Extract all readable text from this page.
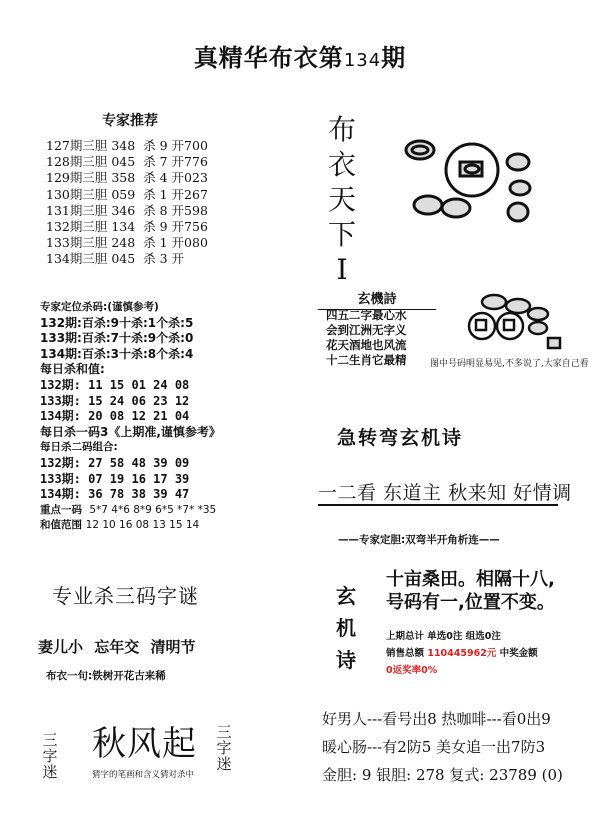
真精华布衣第134期
专家推荐
127期三胆 348  杀 9 开700
128期三胆 045  杀 7 开776
129期三胆 358  杀 4 开023
130期三胆 059  杀 1 开267
131期三胆 346  杀 8 开598
132期三胆 134  杀 9 开756
133期三胆 248  杀 1 开080
134期三胆 045  杀 3 开
专家定位杀码:(谨慎参考)
132期:百杀:9十杀:1个杀:5
133期:百杀:7十杀:9个杀:0
134期:百杀:3十杀:8个杀:4
每日杀和值:
132期: 11 15 01 24 08
133期: 15 24 06 23 12
134期: 20 08 12 21 04
每日杀一码3《上期准,谨慎参考》
每日杀二码组合:
132期: 27 58 48 39 09
133期: 07 19 16 17 39
134期: 36 78 38 39 47
重点一码 5*7 4*6 8*9 6*5 *7* *35
和值范围 12 10 16 08 13 15 14
专业杀三码字谜
妻儿小 忘年交 清明节
布衣一句:铁树开花古来稀
三字迷
秋风起 三字迷
猜字的笔画和含义猜对杀中
布衣天下I
玄機詩
四五二字最心水
会到江洲无字义
花天酒地也风流
十二生肖它最精	图中号码明显易见,不多说了,大家自己看
急转弯玄机诗
一二看 东道主 秋来知 好情调
——专家定胆:双弯半开角析连——
玄机诗
十亩桑田。相隔十八,
号码有一,位置不变。
上期总计 单选0注 组选0注
销售总额 110445962元 中奖金额
0返奖率0%
好男人---看号出8 热咖啡---看0出9
暖心肠---有2防5 美女追一出7防3
金胆: 9 银胆: 278 复式: 23789 (0)
